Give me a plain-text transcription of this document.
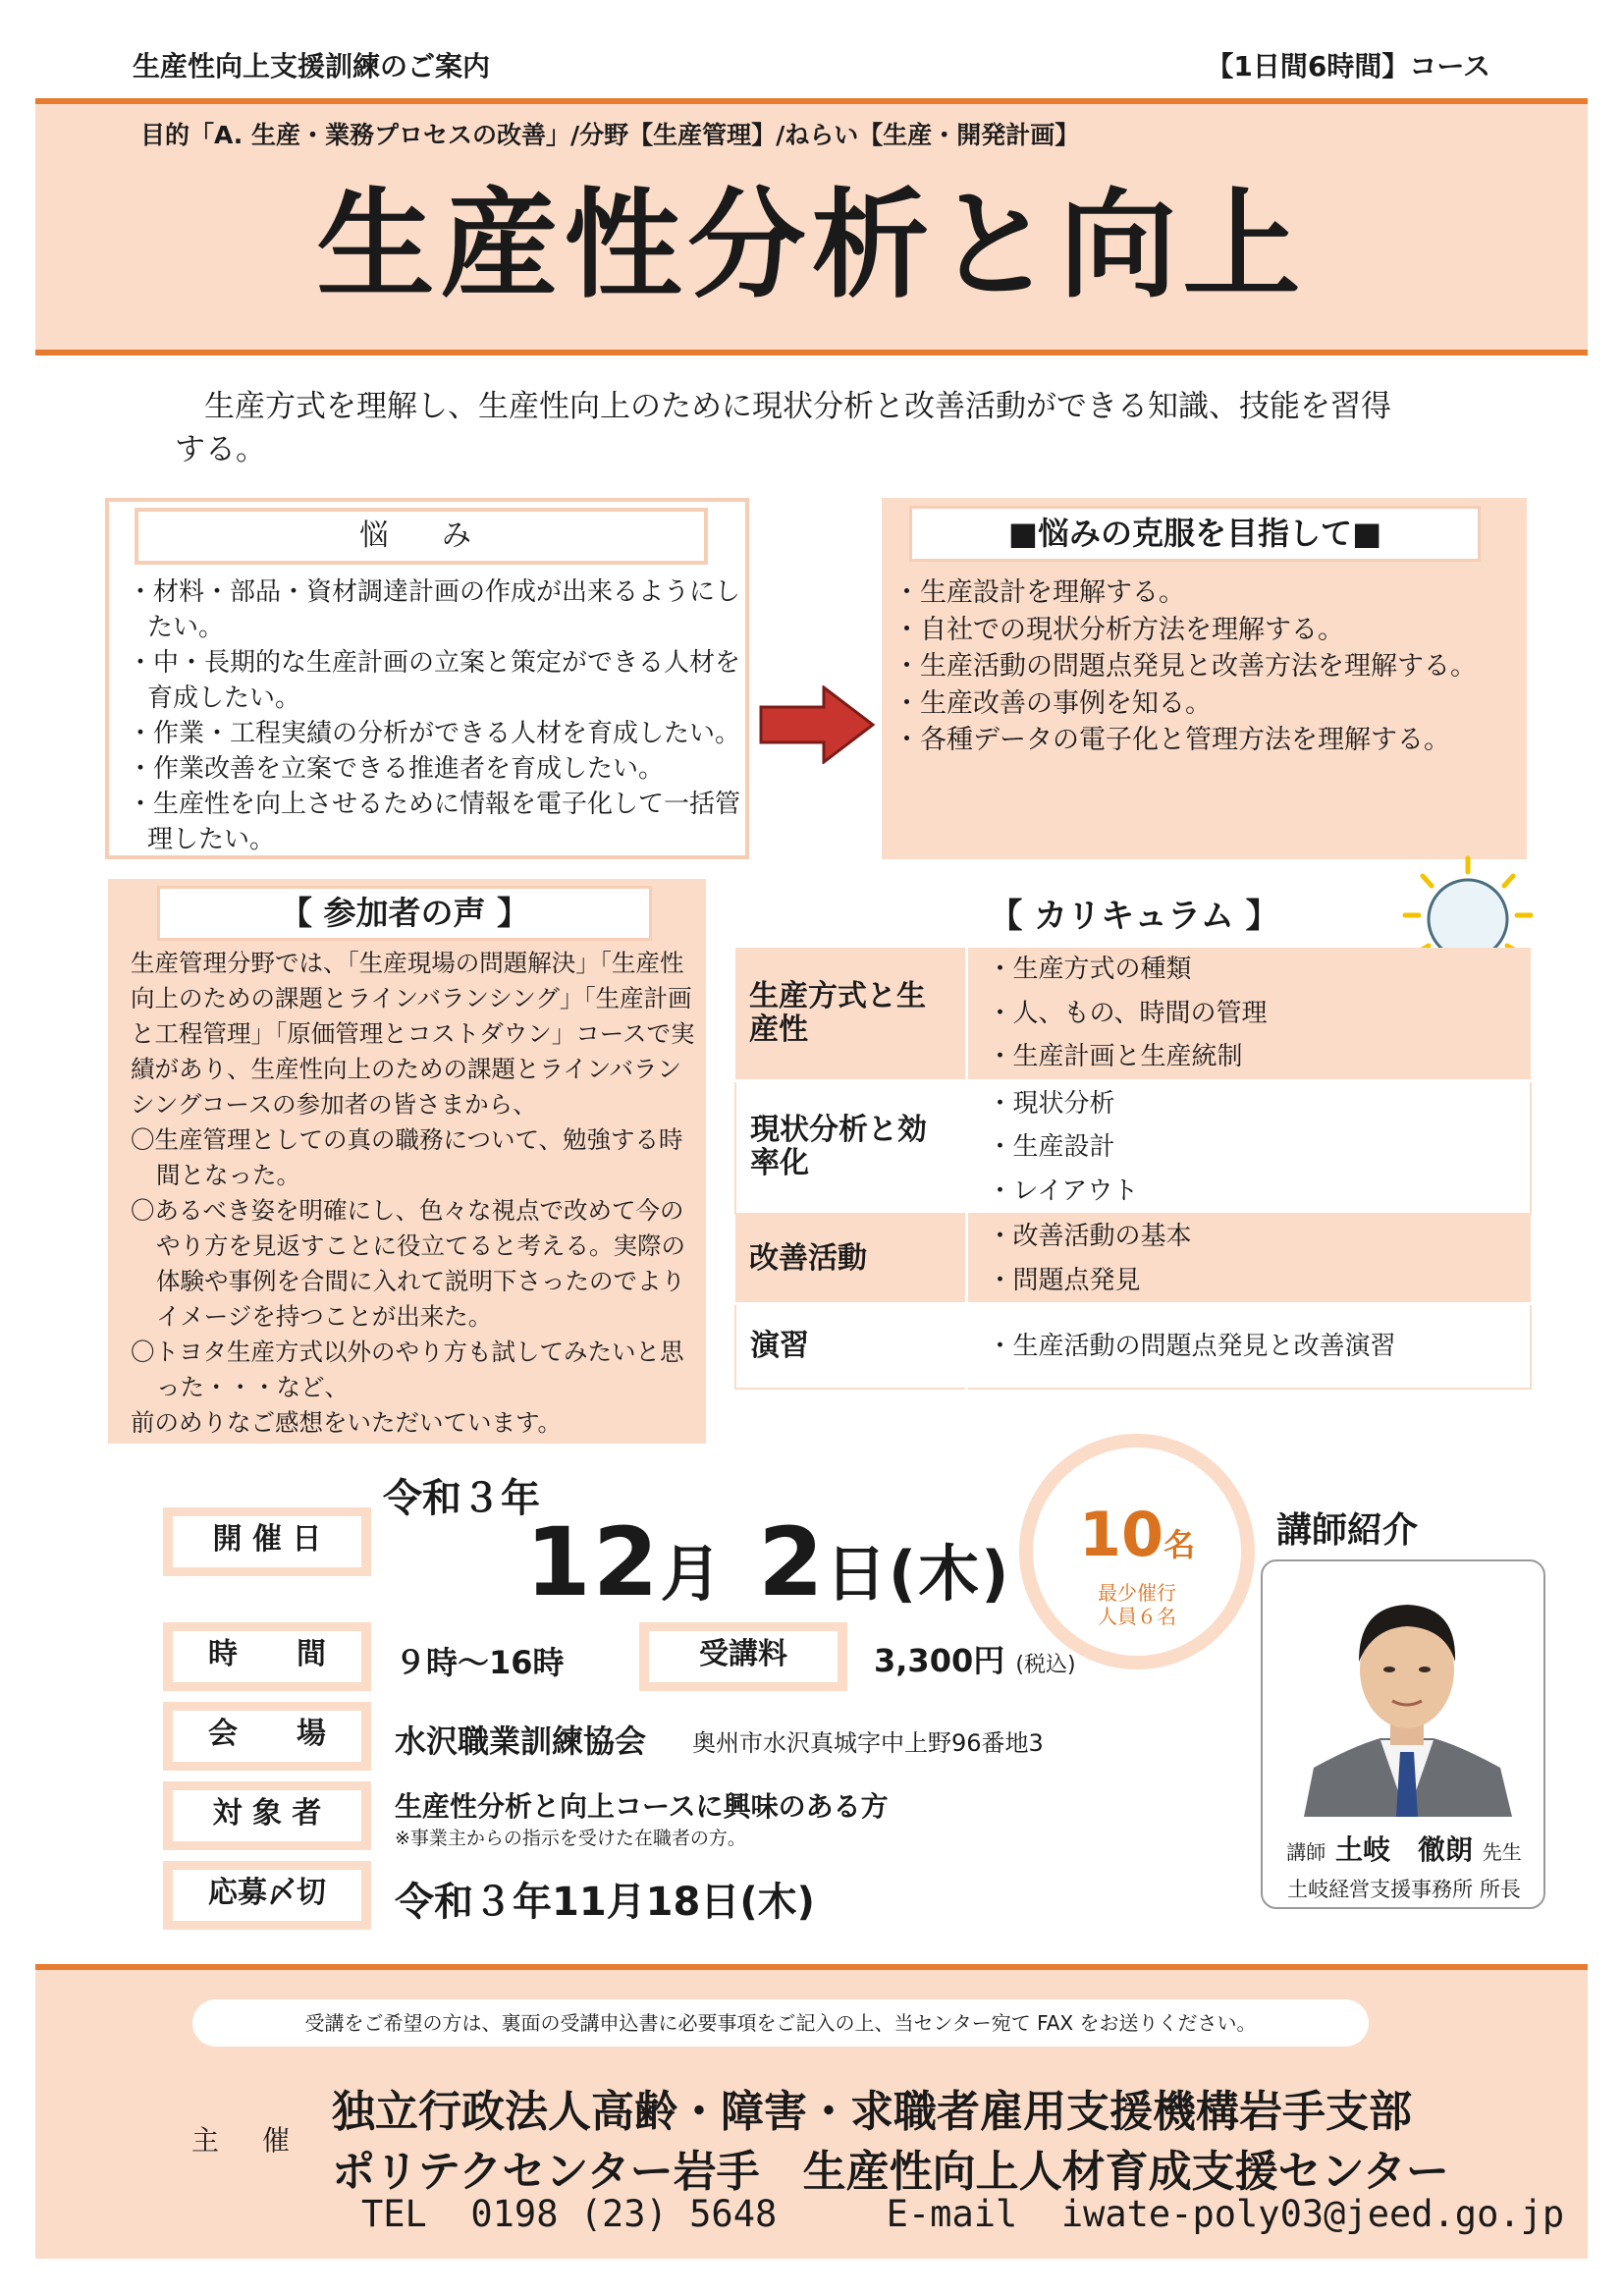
生産性向上支援訓練のご案内	【1日間6時間】コース
目的「A. 生産・業務プロセスの改善」/分野【生産管理】/ねらい【生産・開発計画】
生産性分析と向上
生産方式を理解し、生産性向上のために現状分析と改善活動ができる知識、技能を習得する。
悩　み
・材料・部品・資材調達計画の作成が出来るようにしたい。
・中・長期的な生産計画の立案と策定ができる人材を育成したい。
・作業・工程実績の分析ができる人材を育成したい。
・作業改善を立案できる推進者を育成したい。
・生産性を向上させるために情報を電子化して一括管理したい。
■悩みの克服を目指して■
・生産設計を理解する。
・自社での現状分析方法を理解する。
・生産活動の問題点発見と改善方法を理解する。
・生産改善の事例を知る。
・各種データの電子化と管理方法を理解する。
【 参加者の声 】

生産管理分野では、「生産現場の問題解決」「生産性向上のための課題とラインバランシング」「生産計画と工程管理」「原価管理とコストダウン」コースで実績があり、生産性向上のための課題とラインバランシングコースの参加者の皆さまから、

〇生産管理としての真の職務について、勉強する時間となった。

〇あるべき姿を明確にし、色々な視点で改めて今のやり方を見返すことに役立てると考える。実際の体験や事例を合間に入れて説明下さったのでよりイメージを持つことが出来た。

〇トヨタ生産方式以外のやり方も試してみたいと思った・・・など、

前のめりなご感想をいただいています。

【 カリキュラム 】
生産方式と生産性	・生産方式の種類
・人、もの、時間の管理
・生産計画と生産統制

現状分析と効率化	・現状分析
・生産設計
・レイアウト

改善活動	・改善活動の基本
・問題点発見

演習	・生産活動の問題点発見と改善演習
令和３年
開 催 日	12月 2日(木)
10名
最少催行
人員６名
時　　間	９時〜16時	受講料	3,300円 (税込)
会　　場	水沢職業訓練協会 奥州市水沢真城字中上野96番地3
対 象 者	生産性分析と向上コースに興味のある方
※事業主からの指示を受けた在職者の方。
応募〆切	令和３年11月18日(木)
講師紹介
講師 土岐　徹朗 先生
土岐経営支援事務所 所長
受講をご希望の方は、裏面の受講申込書に必要事項をご記入の上、当センター宛て FAX をお送りください。
主催
独立行政法人高齢・障害・求職者雇用支援機構岩手支部
ポリテクセンター岩手　生産性向上人材育成支援センター
TEL  0198 (23) 5648     E-mail  iwate-poly03@jeed.go.jp
